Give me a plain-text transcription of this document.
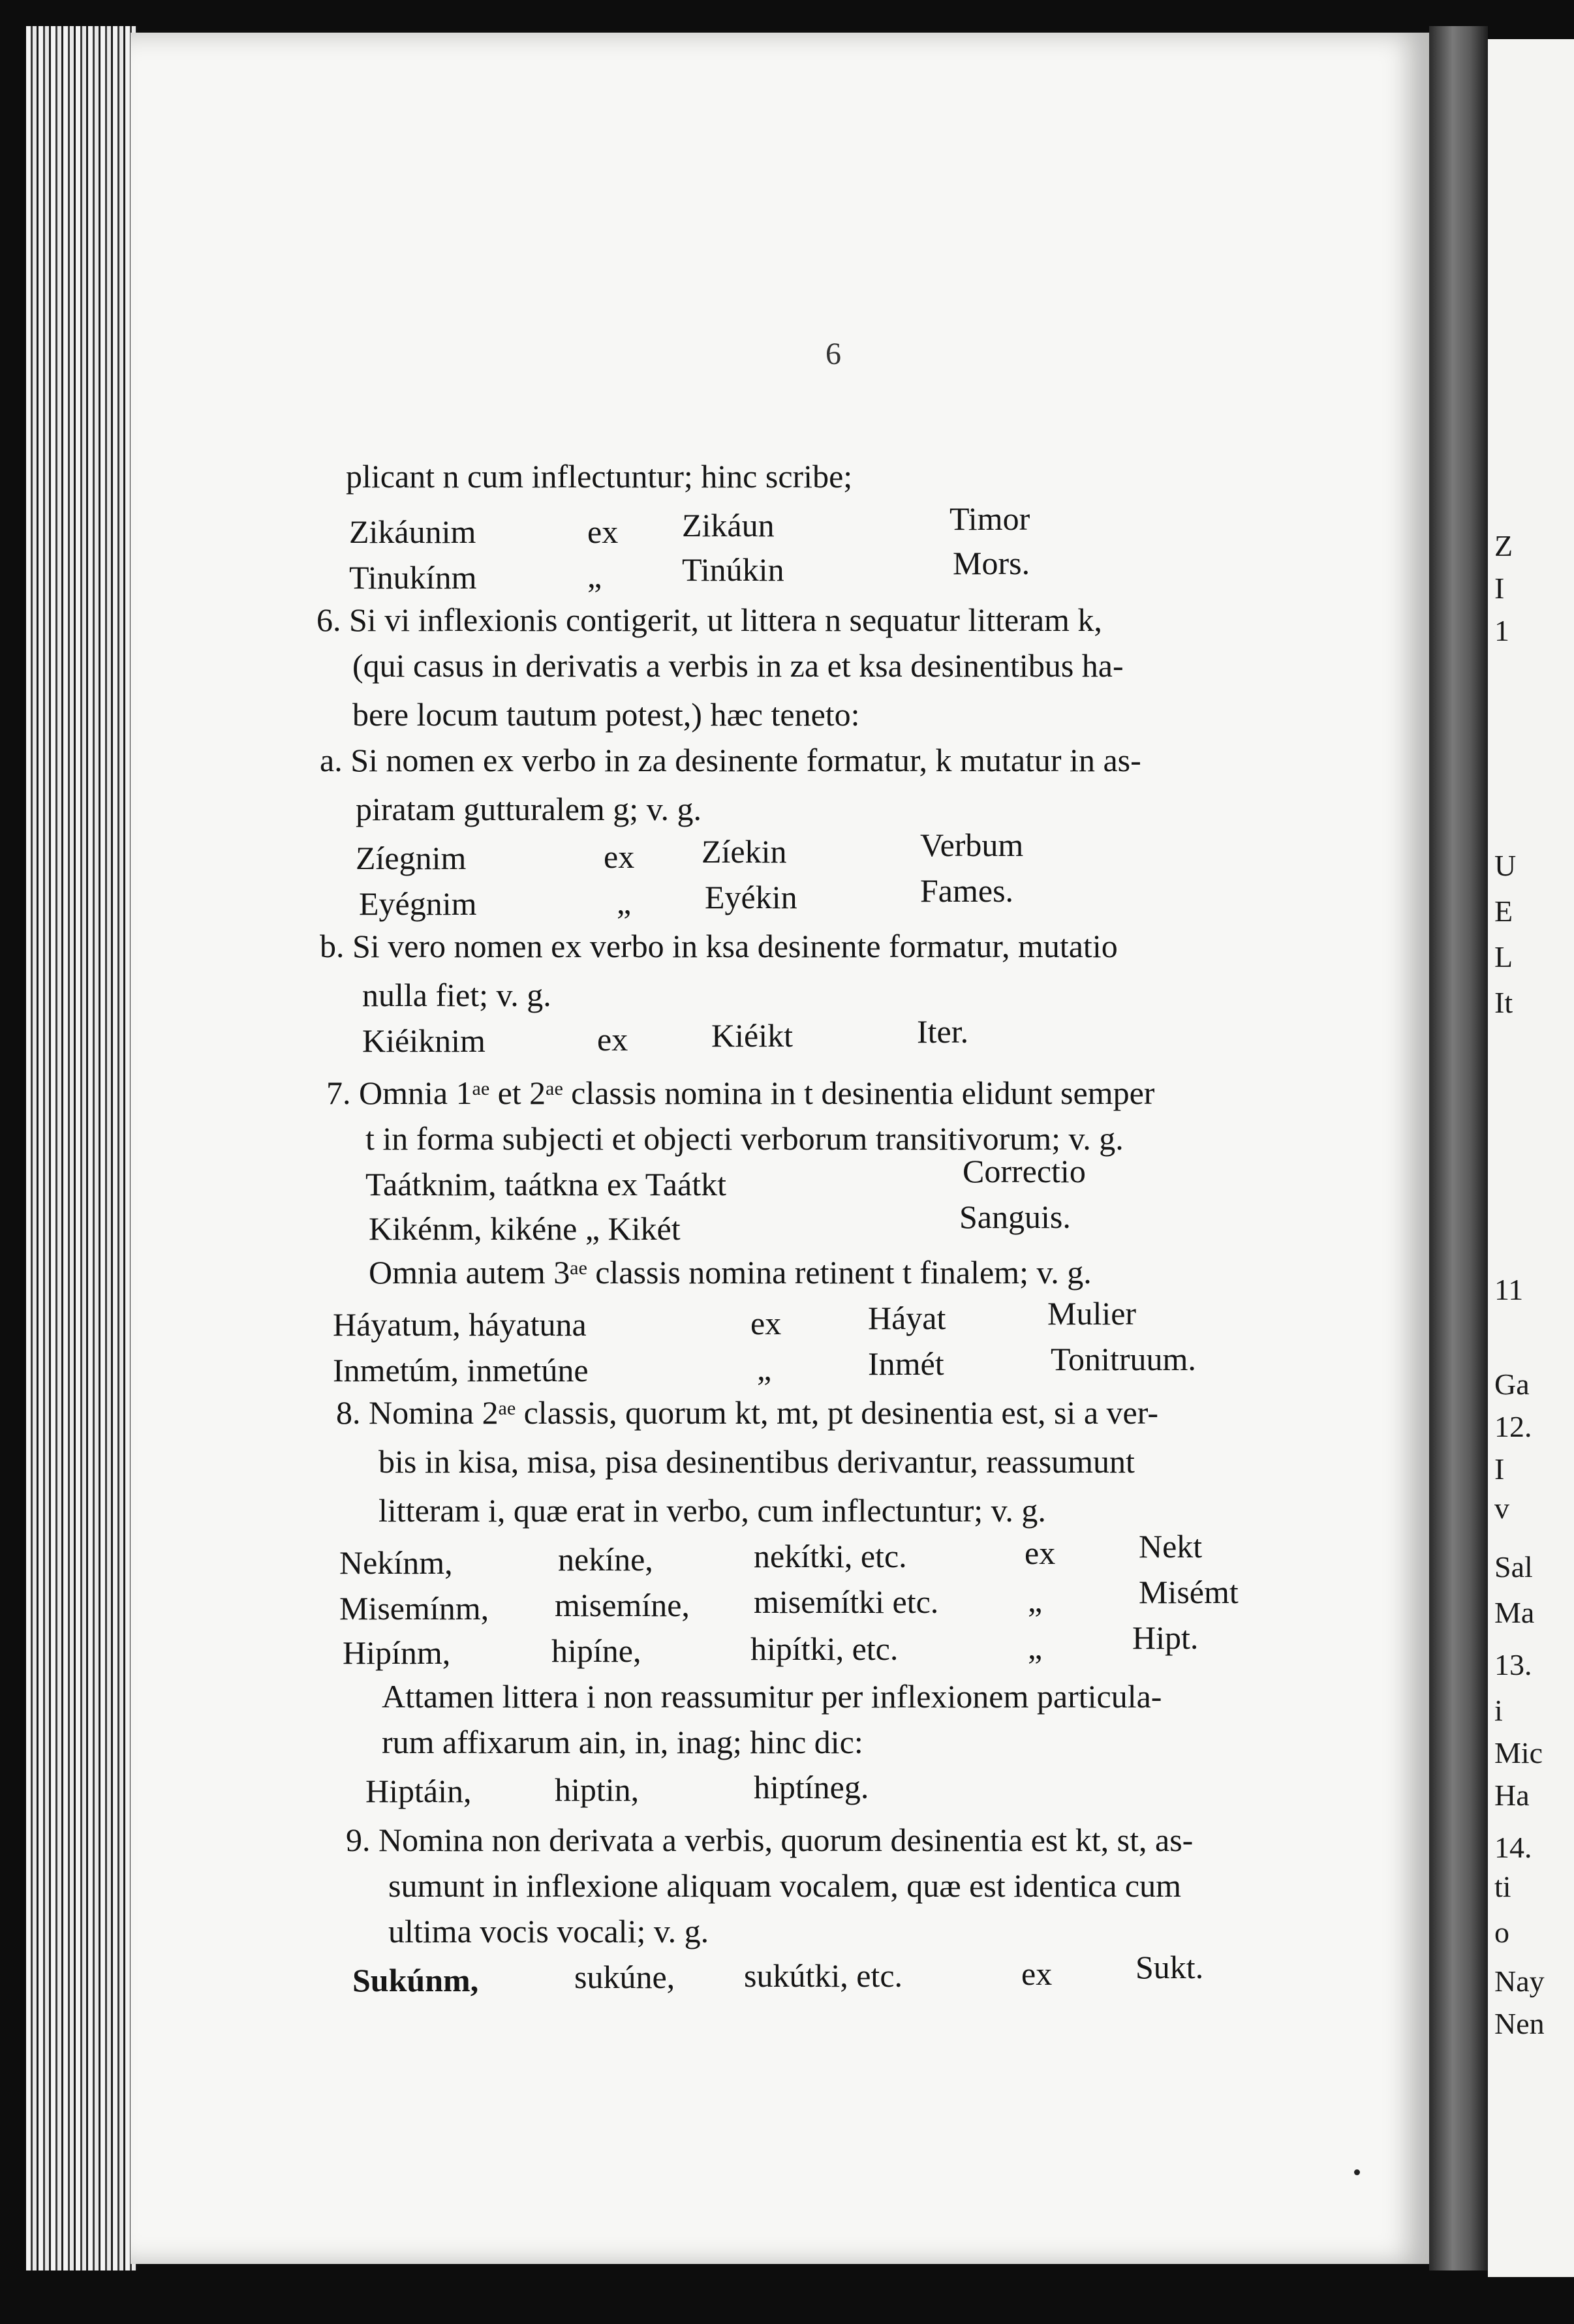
Z
I
1
U
E
L
It
11
Ga
12.
I
v
Sal
Ma
13.
i
Mic
Ha
14.
ti
o
Nay
Nen
6
plicant n cum inflectuntur; hinc scribe;
Zikáunim	ex Zikáun	Timor
Tinukínm	„ Tinúkin	Mors.
6. Si vi inflexionis contigerit, ut littera n sequatur litteram k,
(qui casus in derivatis a verbis in za et ksa desinentibus ha-
bere locum tautum potest,) hæc teneto:
a. Si nomen ex verbo in za desinente formatur, k mutatur in as-
piratam gutturalem g; v. g.
Zíegnim	ex Zíekin	Verbum
Eyégnim	„ Eyékin	Fames.
b. Si vero nomen ex verbo in ksa desinente formatur, mutatio
nulla fiet; v. g.
Kiéiknim	ex	Kiéikt	Iter.
7. Omnia 1ᵃᵉ et 2ᵃᵉ classis nomina in t desinentia elidunt semper
t in forma subjecti et objecti verborum transitivorum; v. g.
Taátknim, taátkna ex Taátkt	Correctio
Kikénm, kikéne „ Kikét	Sanguis.
Omnia autem 3ᵃᵉ classis nomina retinent t finalem; v. g.
Háyatum, háyatuna	ex	Háyat	Mulier
Inmetúm, inmetúne	„	Inmét	Tonitruum.
8. Nomina 2ᵃᵉ classis, quorum kt, mt, pt desinentia est, si a ver-
bis in kisa, misa, pisa desinentibus derivantur, reassumunt
litteram i, quæ erat in verbo, cum inflectuntur; v. g.
Nekínm,	nekíne,	nekítki, etc.	ex	Nekt
Misemínm, misemíne, misemítki etc.	„	Misémt
Hipínm,	hipíne,	hipítki, etc.	„	Hipt.
Attamen littera i non reassumitur per inflexionem particula-
rum affixarum ain, in, inag; hinc dic:
Hiptáin,	hiptin,	hiptíneg.
9. Nomina non derivata a verbis, quorum desinentia est kt, st, as-
sumunt in inflexione aliquam vocalem, quæ est identica cum
ultima vocis vocali; v. g.
Sukúnm,	sukúne, sukútki, etc.	ex	Sukt.
